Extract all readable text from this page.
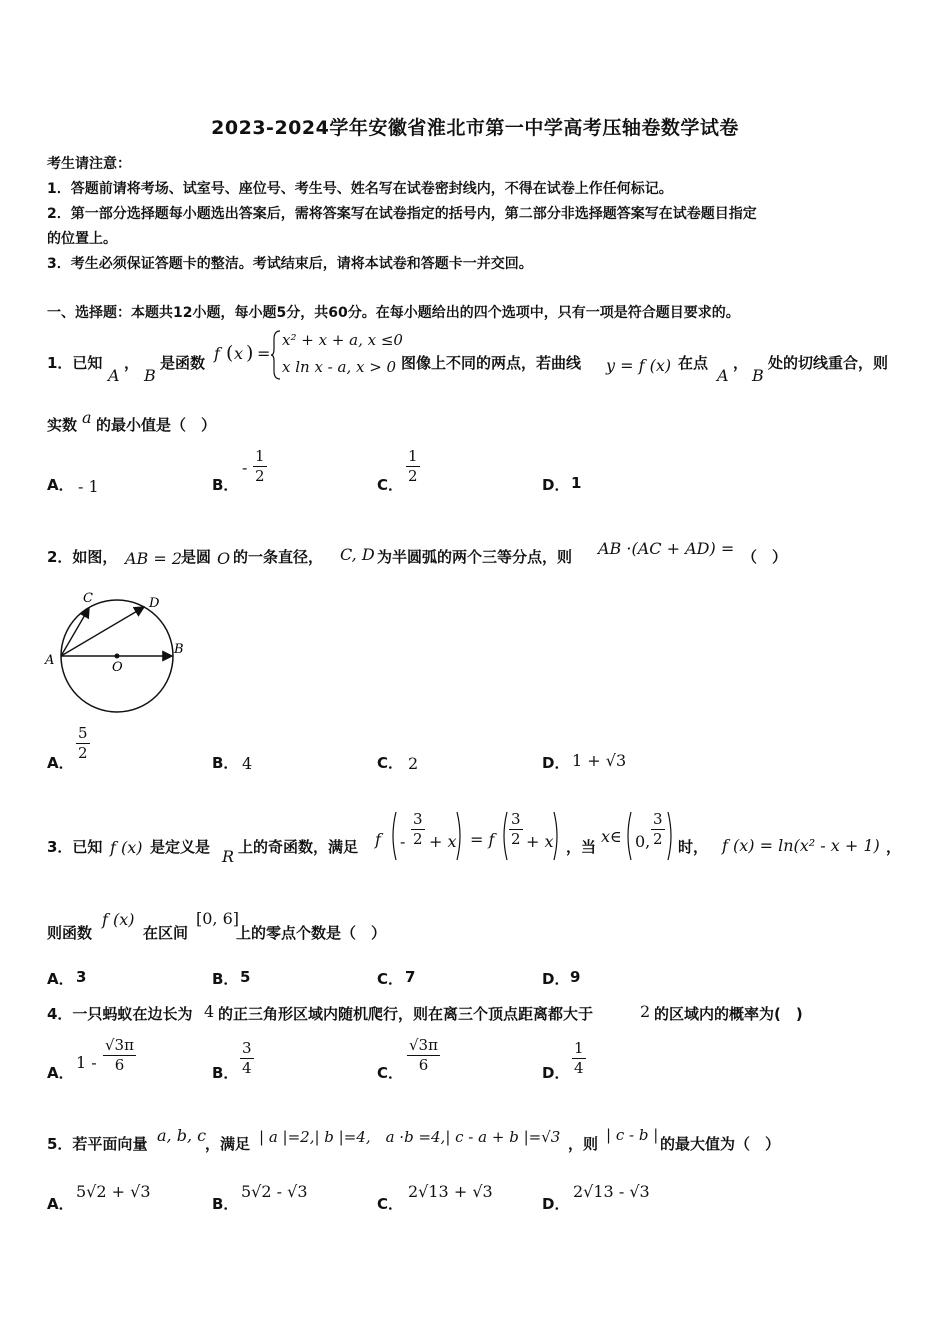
2023-2024学年安徽省淮北市第一中学高考压轴卷数学试卷
考生请注意：
1．答题前请将考场、试室号、座位号、考生号、姓名写在试卷密封线内，不得在试卷上作任何标记。
2．第一部分选择题每小题选出答案后，需将答案写在试卷指定的括号内，第二部分非选择题答案写在试卷题目指定
的位置上。
3．考生必须保证答题卡的整洁。考试结束后，请将本试卷和答题卡一并交回。
一、选择题：本题共12小题，每小题5分，共60分。在每小题给出的四个选项中，只有一项是符合题目要求的。
1．已知
A
，
B
是函数 f ( x ) =
x² + x + a, x ≤0
x ln x - a, x > 0 图像上不同的两点，若曲线 y = f (x) 在点
A
，
B
处的切线重合，则
实数 a 的最小值是（　）
A． - 1	B．
- $\frac{1}{2}$	C． $\frac{1}{2}$	D． 1
2．如图， AB = 2
是圆 O 的一条直径， C, D 为半圆弧的两个三等分点，则 AB ·(AC + AD) = （　）
A
B
C	D
O
A．
$\frac{5}{2}$
B． 4	C． 2	D． 1 + √3
3．已知 f (x) 是定义是 R 上的奇函数，满足 $f - \frac{3}{2} + x = f \frac{3}{2} + x$ ，当
x∈ 0, $\frac{3}{2}$ 时， f (x) = ln(x² - x + 1) ，
则函数
f (x)
在区间
[0, 6]
上的零点个数是（　）
A． 3	B． 5	C． 7	D． 9
4．一只蚂蚁在边长为 4 的正三角形区域内随机爬行，则在离三个顶点距离都大于	2 的区域内的概率为(　)
A．
$1 - \frac{√3\pi}{6}$	B． $\frac{3}{4}$	C． $\frac{√3\pi}{6}$	D． $\frac{1}{4}$
5．若平面向量 a, b, c
，满足 | a |=2,| b |=4,　a ·b =4,| c - a + b |=√3 ，则 | c - b | 的最大值为（　）
A．
5√2 + √3
B．
5√2 - √3
C．
2√13 + √3
D．
2√13 - √3
